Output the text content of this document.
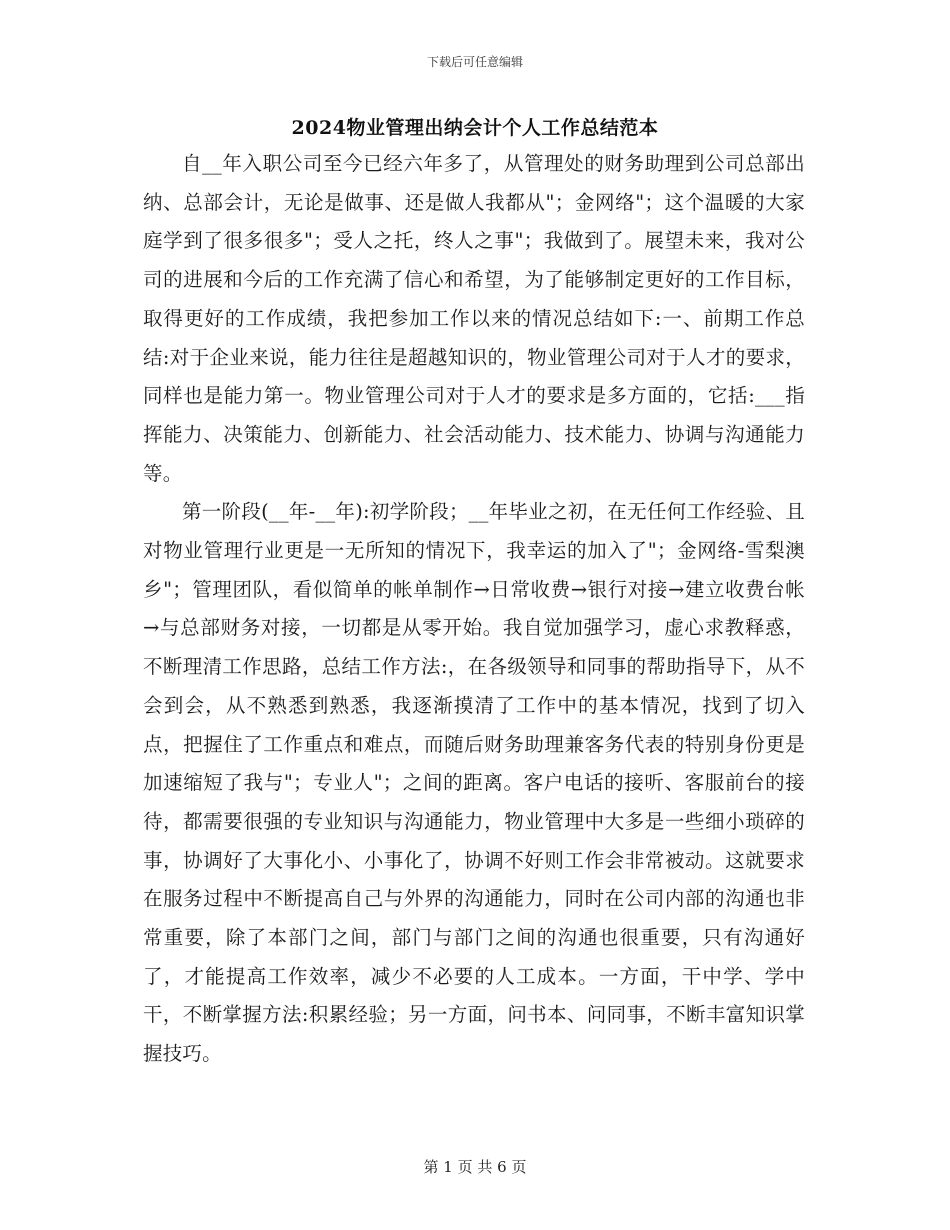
下载后可任意编辑
2024物业管理出纳会计个人工作总结范本

自__年入职公司至今已经六年多了，从管理处的财务助理到公司总部出纳、总部会计，无论是做事、还是做人我都从"；金网络"；这个温暖的大家庭学到了很多很多"；受人之托，终人之事"；我做到了。展望未来，我对公司的进展和今后的工作充满了信心和希望，为了能够制定更好的工作目标，取得更好的工作成绩，我把参加工作以来的情况总结如下:一、前期工作总结:对于企业来说，能力往往是超越知识的，物业管理公司对于人才的要求，同样也是能力第一。物业管理公司对于人才的要求是多方面的，它括:___指挥能力、决策能力、创新能力、社会活动能力、技术能力、协调与沟通能力等。

第一阶段(__年-__年):初学阶段；__年毕业之初，在无任何工作经验、且对物业管理行业更是一无所知的情况下，我幸运的加入了"；金网络-雪梨澳乡"；管理团队，看似简单的帐单制作→日常收费→银行对接→建立收费台帐→与总部财务对接，一切都是从零开始。我自觉加强学习，虚心求教释惑，不断理清工作思路，总结工作方法:，在各级领导和同事的帮助指导下，从不会到会，从不熟悉到熟悉，我逐渐摸清了工作中的基本情况，找到了切入点，把握住了工作重点和难点，而随后财务助理兼客务代表的特别身份更是加速缩短了我与"；专业人"；之间的距离。客户电话的接听、客服前台的接待，都需要很强的专业知识与沟通能力，物业管理中大多是一些细小琐碎的事，协调好了大事化小、小事化了，协调不好则工作会非常被动。这就要求在服务过程中不断提高自己与外界的沟通能力，同时在公司内部的沟通也非常重要，除了本部门之间，部门与部门之间的沟通也很重要，只有沟通好了，才能提高工作效率，减少不必要的人工成本。一方面，干中学、学中干，不断掌握方法:积累经验；另一方面，问书本、问同事，不断丰富知识掌握技巧。

第 1 页 共 6 页
